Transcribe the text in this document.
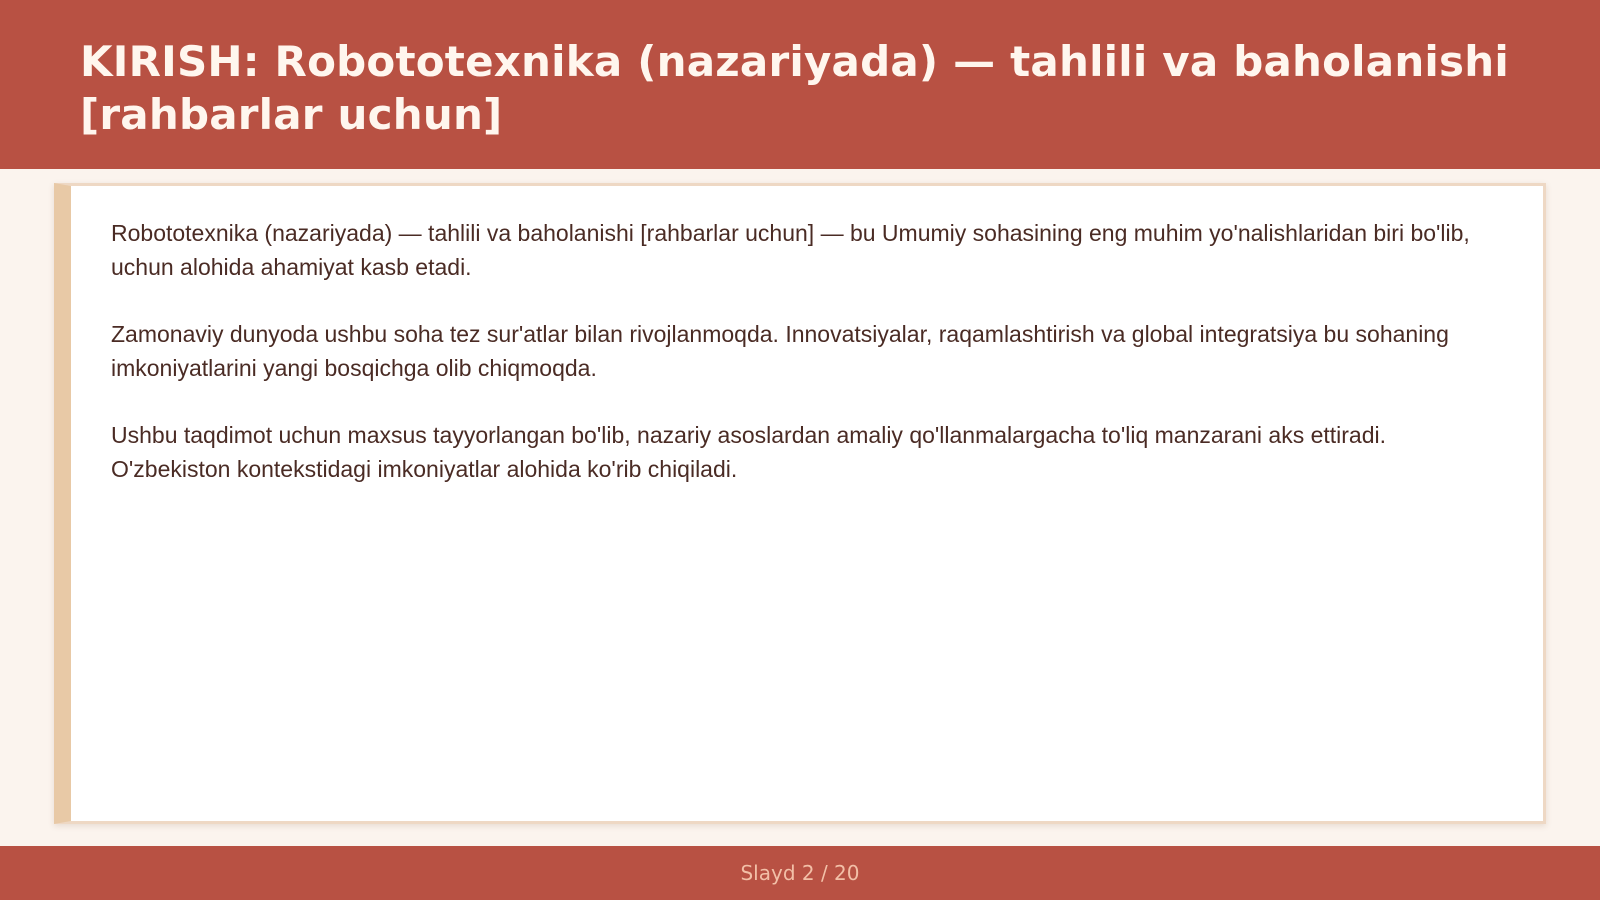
KIRISH: Robototexnika (nazariyada) — tahlili va baholanishi [rahbarlar uchun]

Robototexnika (nazariyada) — tahlili va baholanishi [rahbarlar uchun] — bu Umumiy sohasining eng muhim yo'nalishlaridan biri bo'lib, uchun alohida ahamiyat kasb etadi.

Zamonaviy dunyoda ushbu soha tez sur'atlar bilan rivojlanmoqda. Innovatsiyalar, raqamlashtirish va global integratsiya bu sohaning imkoniyatlarini yangi bosqichga olib chiqmoqda.

Ushbu taqdimot uchun maxsus tayyorlangan bo'lib, nazariy asoslardan amaliy qo'llanmalargacha to'liq manzarani aks ettiradi. O'zbekiston kontekstidagi imkoniyatlar alohida ko'rib chiqiladi.

Slayd 2 / 20
